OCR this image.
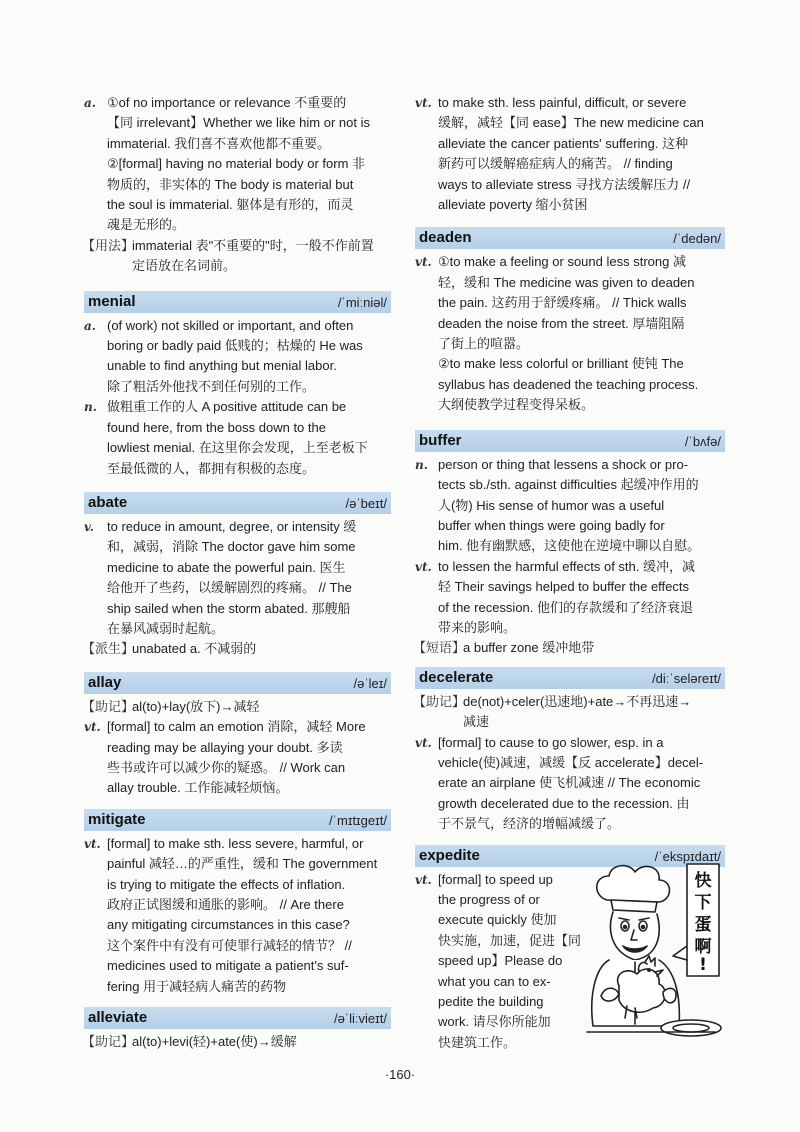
a. ①of no importance or relevance 不重要的
【同 irrelevant】Whether we like him or not is
immaterial. 我们喜不喜欢他都不重要。
②[formal] having no material body or form 非
物质的，非实体的 The body is material but
the soul is immaterial. 躯体是有形的，而灵
魂是无形的。
【用法】
immaterial 表"不重要的"时，一般不作前置
定语放在名词前。
menial	/ˈmiːniəl/
a. (of work) not skilled or important, and often
boring or badly paid 低贱的；枯燥的 He was
unable to find anything but menial labor.
除了粗活外他找不到任何别的工作。
n. 做粗重工作的人 A positive attitude can be
found here, from the boss down to the
lowliest menial. 在这里你会发现，上至老板下
至最低微的人，都拥有积极的态度。
abate	/əˈbeɪt/
v. to reduce in amount, degree, or intensity 缓
和，减弱，消除 The doctor gave him some
medicine to abate the powerful pain. 医生
给他开了些药，以缓解剧烈的疼痛。 // The
ship sailed when the storm abated. 那艘船
在暴风减弱时起航。
【派生】
unabated a. 不减弱的
allay	/əˈleɪ/
【助记】
al(to)+lay(放下)→减轻
vt. [formal] to calm an emotion 消除，减轻 More
reading may be allaying your doubt. 多读
些书或许可以减少你的疑惑。 // Work can
allay trouble. 工作能减轻烦恼。
mitigate	/ˈmɪtɪɡeɪt/
vt. [formal] to make sth. less severe, harmful, or
painful 减轻…的严重性，缓和 The government
is trying to mitigate the effects of inflation.
政府正试图缓和通胀的影响。 // Are there
any mitigating circumstances in this case?
这个案件中有没有可使罪行减轻的情节？ //
medicines used to mitigate a patient's suf-
fering 用于减轻病人痛苦的药物
alleviate	/əˈliːvieɪt/
【助记】
al(to)+levi(轻)+ate(使)→缓解
vt. to make sth. less painful, difficult, or severe
缓解，减轻【同 ease】The new medicine can
alleviate the cancer patients' suffering. 这种
新药可以缓解癌症病人的痛苦。 // finding
ways to alleviate stress 寻找方法缓解压力 //
alleviate poverty 缩小贫困
deaden	/ˈdedən/
vt. ①to make a feeling or sound less strong 减
轻，缓和 The medicine was given to deaden
the pain. 这药用于舒缓疼痛。 // Thick walls
deaden the noise from the street. 厚墙阻隔
了街上的喧嚣。
②to make less colorful or brilliant 使钝 The
syllabus has deadened the teaching process.
大纲使教学过程变得呆板。
buffer	/ˈbʌfə/
n. person or thing that lessens a shock or pro-
tects sb./sth. against difficulties 起缓冲作用的
人(物) His sense of humor was a useful
buffer when things were going badly for
him. 他有幽默感，这使他在逆境中聊以自慰。
vt. to lessen the harmful effects of sth. 缓冲，减
轻 Their savings helped to buffer the effects
of the recession. 他们的存款缓和了经济衰退
带来的影响。
【短语】
a buffer zone 缓冲地带
decelerate	/diːˈseləreɪt/
【助记】
de(not)+celer(迅速地)+ate→不再迅速→
减速
vt. [formal] to cause to go slower, esp. in a
vehicle(使)减速，减缓【反 accelerate】decel-
erate an airplane 使飞机减速 // The economic
growth decelerated due to the recession. 由
于不景气，经济的增幅减缓了。
expedite	/ˈekspɪdaɪt/
vt. [formal] to speed up
the progress of or
execute quickly 使加
快实施，加速，促进【同
speed up】Please do
what you can to ex-
pedite the building
work. 请尽你所能加
快建筑工作。
快
下
蛋
啊
!
·160·
